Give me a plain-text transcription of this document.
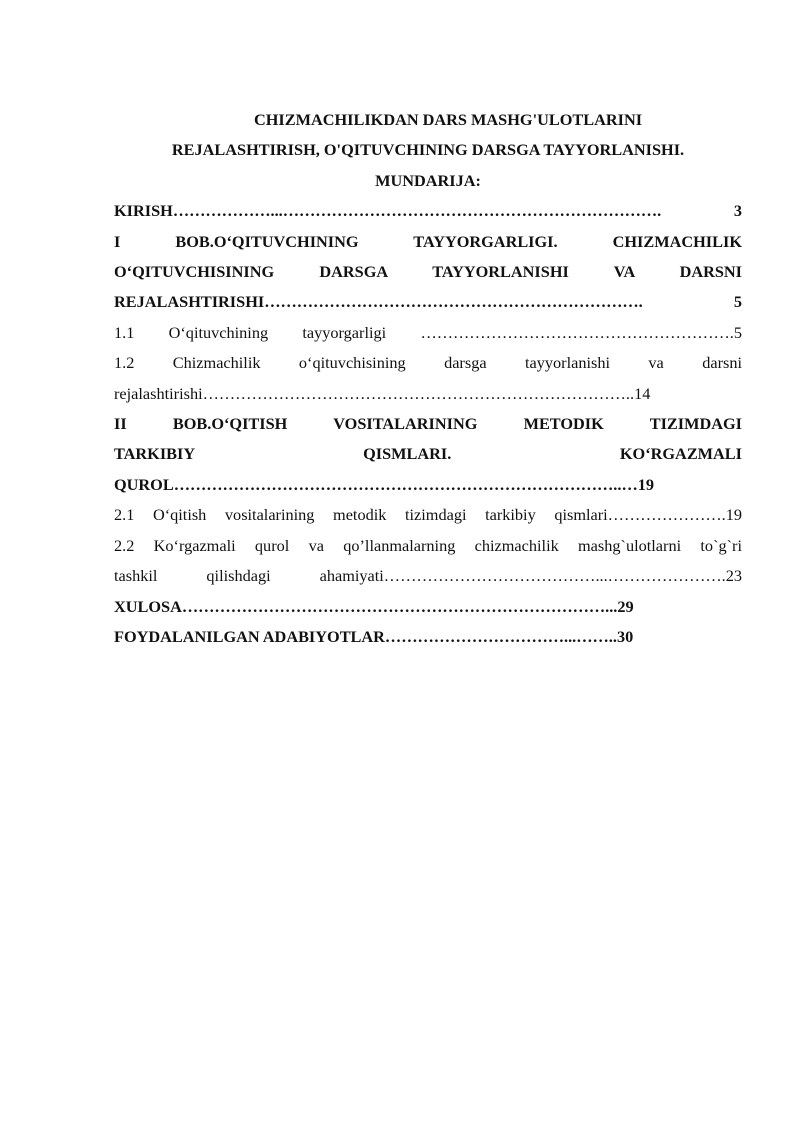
CHIZMACHILIKDAN DARS MASHG'ULOTLARINI

REJALASHTIRISH, O'QITUVCHINING DARSGA TAYYORLANISHI.

MUNDARIJA:

KIRISH………………...……………………………………………………………. 3
I BOB.O‘QITUVCHINING TAYYORGARLIGI. CHIZMACHILIK
O‘QITUVCHISINING DARSGA TAYYORLANISHI VA DARSNI
REJALASHTIRISHI……………………………………………………………. 5
1.1 O‘qituvchining tayyorgarligi ………………………………………………….5
1.2 Chizmachilik o‘qituvchisining darsga tayyorlanishi va darsni
rejalashtirishi……………………………………………………………………..14
II BOB.O‘QITISH VOSITALARINING METODIK TIZIMDAGI
TARKIBIY QISMLARI. KO‘RGAZMALI
QUROL………………………………………………………………………..…19
2.1 O‘qitish vositalarining metodik tizimdagi tarkibiy qismlari………………….19
2.2 Ko‘rgazmali qurol va qo’llanmalarning chizmachilik mashg`ulotlarni to`g`ri
tashkil qilishdagi ahamiyati…………………………………...………………….23
XULOSA……………………………………………………………………...29
FOYDALANILGAN ADABIYOTLAR……………………………...……..30
